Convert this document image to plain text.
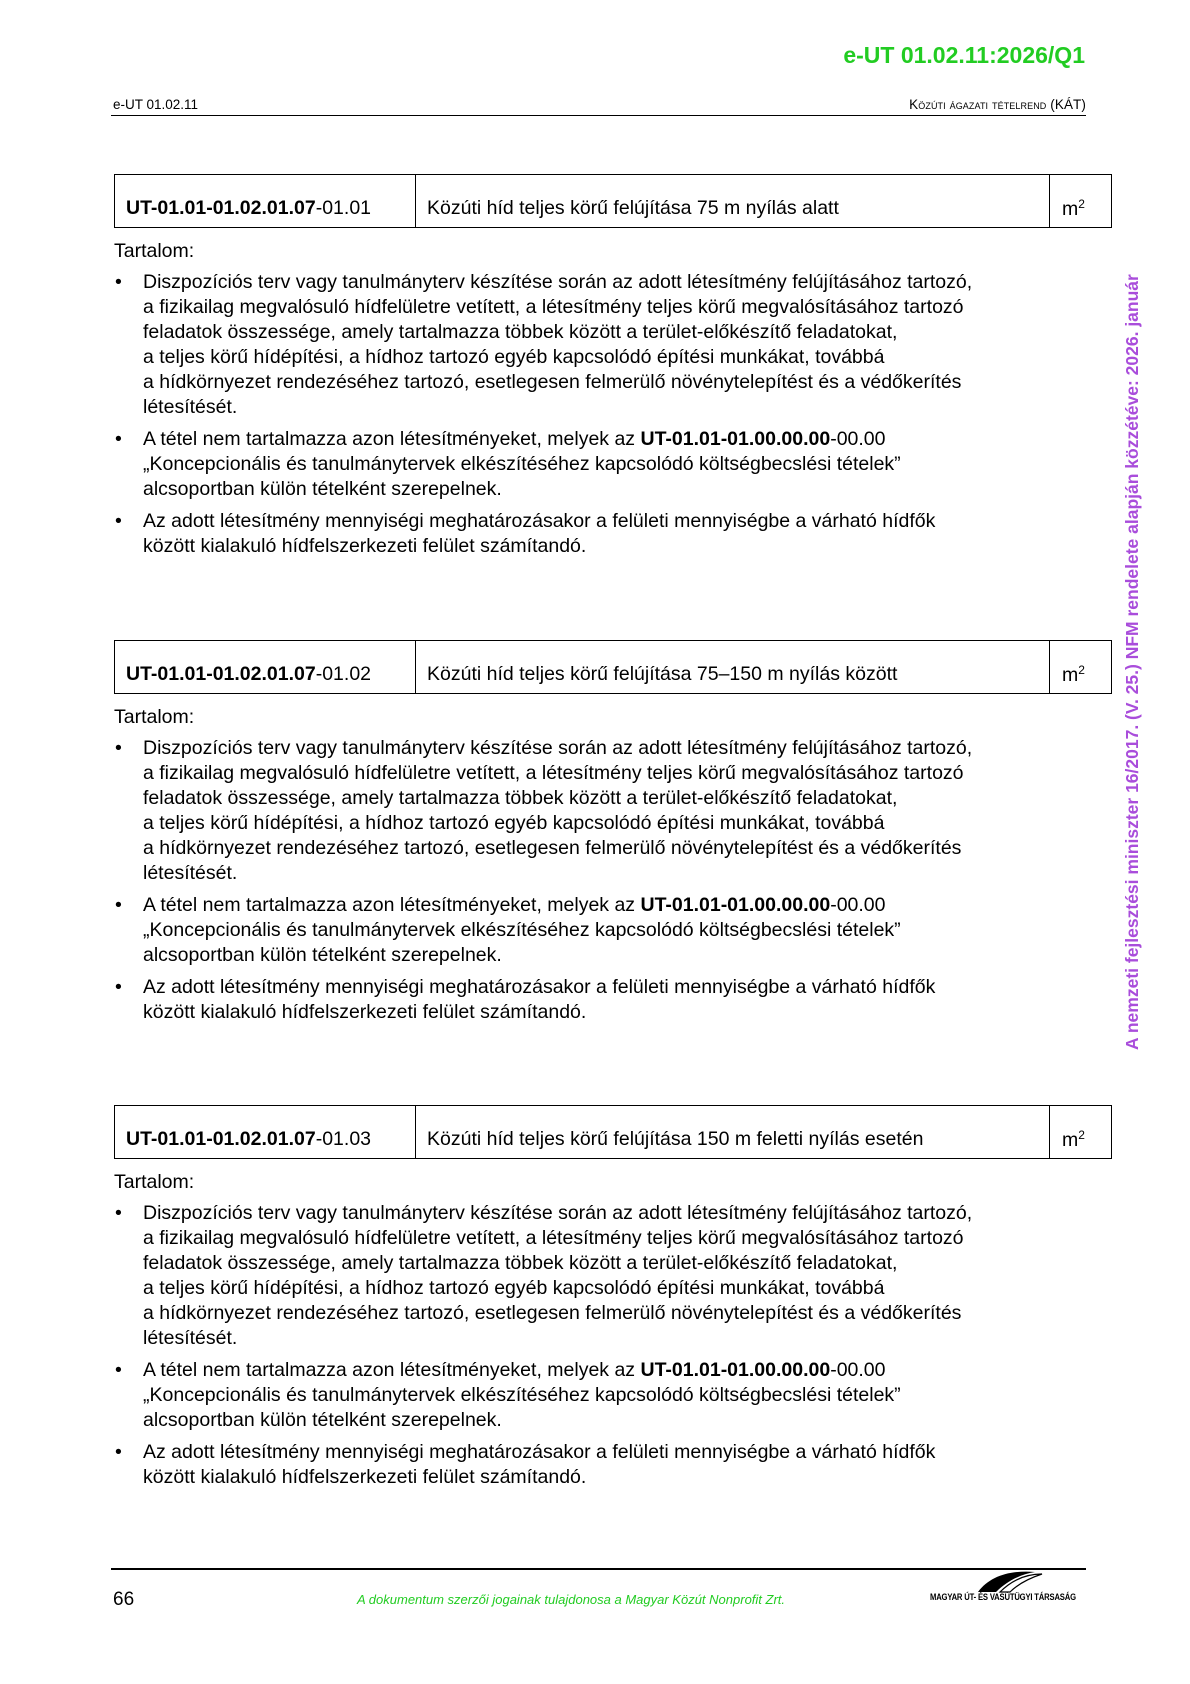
e-UT 01.02.11:2026/Q1
e-UT 01.02.11	Közúti ágazati tételrend (KÁT)
A nemzeti fejlesztési miniszter 16/2017. (V. 25.) NFM rendelete alapján közzétéve: 2026. január
UT-01.01-01.02.01.07-01.01	Közúti híd teljes körű felújítása 75 m nyílás alatt	$m^2$
Tartalom:
• Diszpozíciós terv vagy tanulmányterv készítése során az adott létesítmény felújításához tartozó,
a fizikailag megvalósuló hídfelületre vetített, a létesítmény teljes körű megvalósításához tartozó
feladatok összessége, amely tartalmazza többek között a terület-előkészítő feladatokat,
a teljes körű hídépítési, a hídhoz tartozó egyéb kapcsolódó építési munkákat, továbbá
a hídkörnyezet rendezéséhez tartozó, esetlegesen felmerülő növénytelepítést és a védőkerítés
létesítését.
• A tétel nem tartalmazza azon létesítményeket, melyek az UT-01.01-01.00.00.00-00.00
„Koncepcionális és tanulmánytervek elkészítéséhez kapcsolódó költségbecslési tételek”
alcsoportban külön tételként szerepelnek.
• Az adott létesítmény mennyiségi meghatározásakor a felületi mennyiségbe a várható hídfők
között kialakuló hídfelszerkezeti felület számítandó.
UT-01.01-01.02.01.07-01.02	Közúti híd teljes körű felújítása 75–150 m nyílás között	$m^2$
Tartalom:
• Diszpozíciós terv vagy tanulmányterv készítése során az adott létesítmény felújításához tartozó,
a fizikailag megvalósuló hídfelületre vetített, a létesítmény teljes körű megvalósításához tartozó
feladatok összessége, amely tartalmazza többek között a terület-előkészítő feladatokat,
a teljes körű hídépítési, a hídhoz tartozó egyéb kapcsolódó építési munkákat, továbbá
a hídkörnyezet rendezéséhez tartozó, esetlegesen felmerülő növénytelepítést és a védőkerítés
létesítését.
• A tétel nem tartalmazza azon létesítményeket, melyek az UT-01.01-01.00.00.00-00.00
„Koncepcionális és tanulmánytervek elkészítéséhez kapcsolódó költségbecslési tételek”
alcsoportban külön tételként szerepelnek.
• Az adott létesítmény mennyiségi meghatározásakor a felületi mennyiségbe a várható hídfők
között kialakuló hídfelszerkezeti felület számítandó.
UT-01.01-01.02.01.07-01.03	Közúti híd teljes körű felújítása 150 m feletti nyílás esetén	$m^2$
Tartalom:
• Diszpozíciós terv vagy tanulmányterv készítése során az adott létesítmény felújításához tartozó,
a fizikailag megvalósuló hídfelületre vetített, a létesítmény teljes körű megvalósításához tartozó
feladatok összessége, amely tartalmazza többek között a terület-előkészítő feladatokat,
a teljes körű hídépítési, a hídhoz tartozó egyéb kapcsolódó építési munkákat, továbbá
a hídkörnyezet rendezéséhez tartozó, esetlegesen felmerülő növénytelepítést és a védőkerítés
létesítését.
• A tétel nem tartalmazza azon létesítményeket, melyek az UT-01.01-01.00.00.00-00.00
„Koncepcionális és tanulmánytervek elkészítéséhez kapcsolódó költségbecslési tételek”
alcsoportban külön tételként szerepelnek.
• Az adott létesítmény mennyiségi meghatározásakor a felületi mennyiségbe a várható hídfők
között kialakuló hídfelszerkezeti felület számítandó.
66	A dokumentum szerzői jogainak tulajdonosa a Magyar Közút Nonprofit Zrt.	MAGYAR ÚT- ÉS VASÚTÜGYI TÁRSASÁG
